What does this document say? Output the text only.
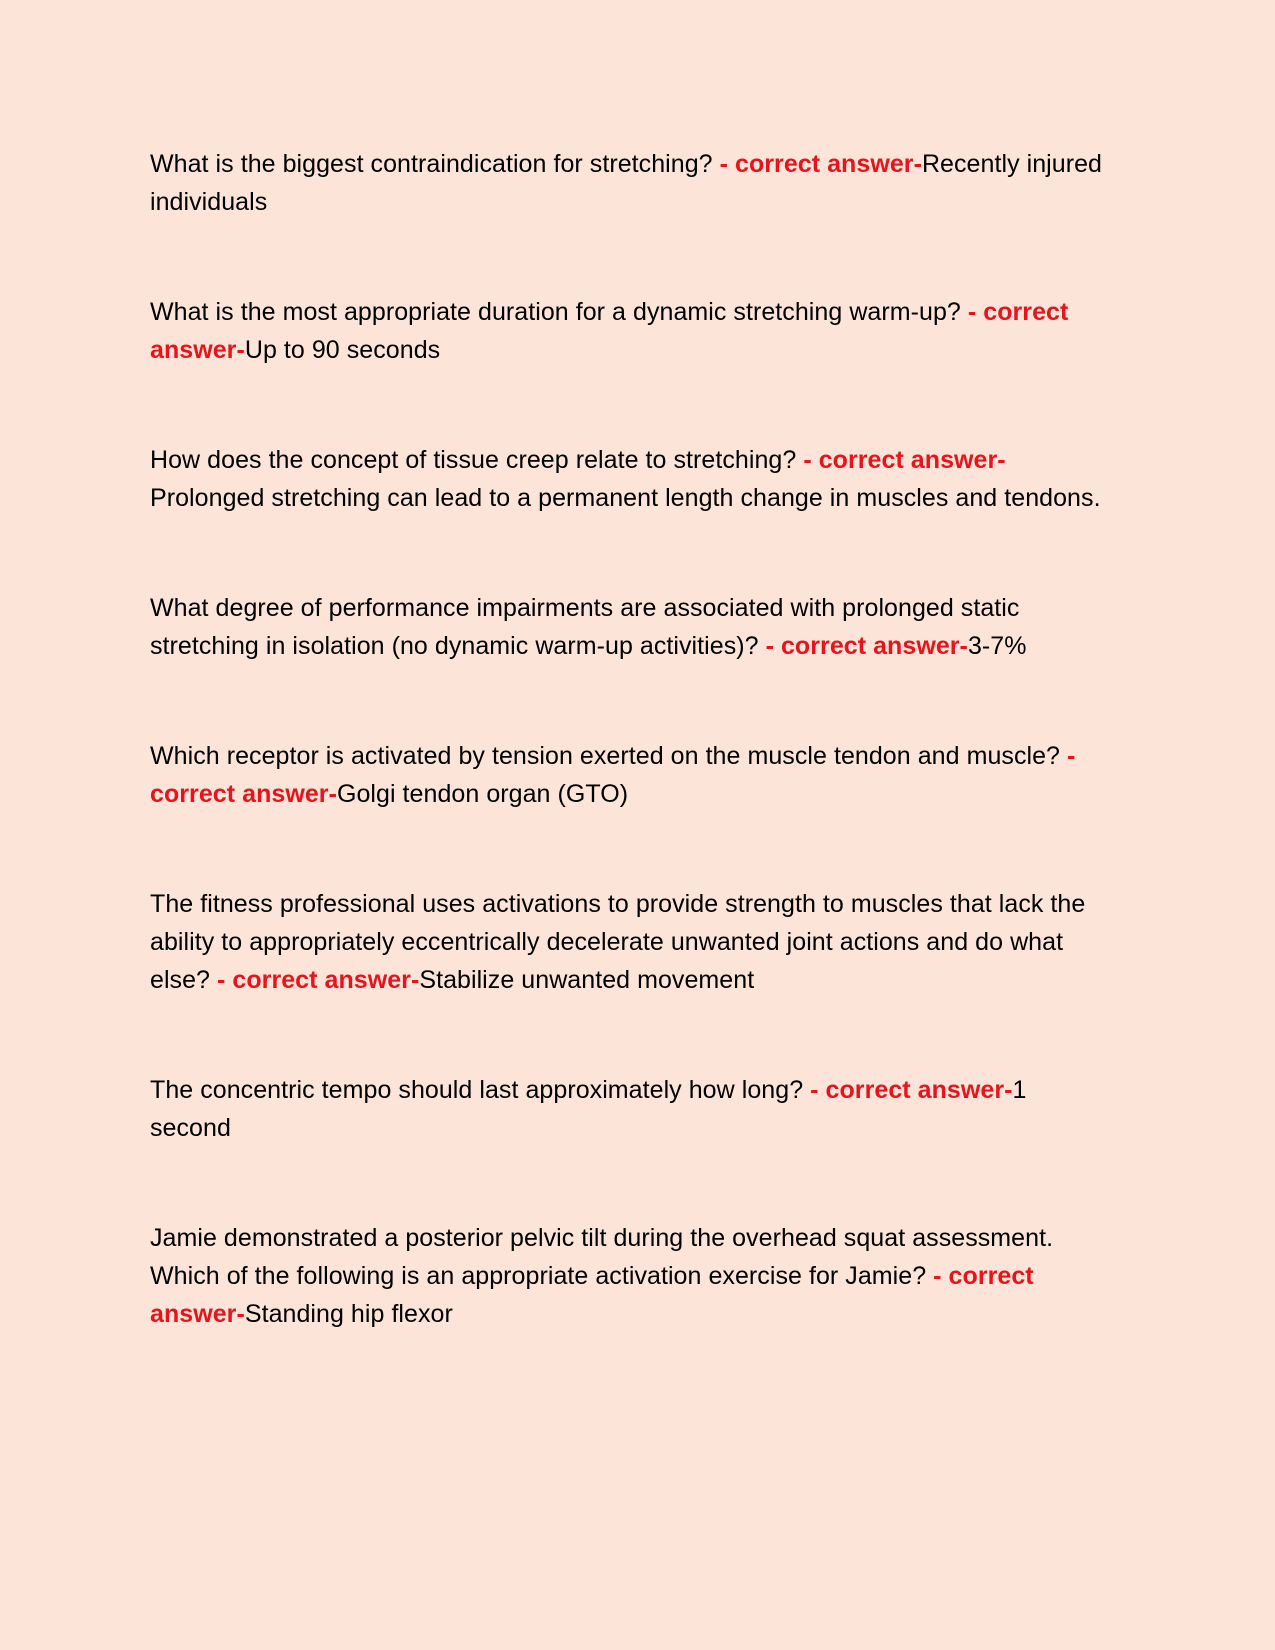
What is the biggest contraindication for stretching? - correct answer-Recently injured individuals

What is the most appropriate duration for a dynamic stretching warm-up? - correct answer-Up to 90 seconds

How does the concept of tissue creep relate to stretching? - correct answer-Prolonged stretching can lead to a permanent length change in muscles and tendons.

What degree of performance impairments are associated with prolonged static stretching in isolation (no dynamic warm-up activities)? - correct answer-3-7%

Which receptor is activated by tension exerted on the muscle tendon and muscle? - correct answer-Golgi tendon organ (GTO)

The fitness professional uses activations to provide strength to muscles that lack the ability to appropriately eccentrically decelerate unwanted joint actions and do what else? - correct answer-Stabilize unwanted movement

The concentric tempo should last approximately how long? - correct answer-1 second

Jamie demonstrated a posterior pelvic tilt during the overhead squat assessment. Which of the following is an appropriate activation exercise for Jamie? - correct answer-Standing hip flexor
